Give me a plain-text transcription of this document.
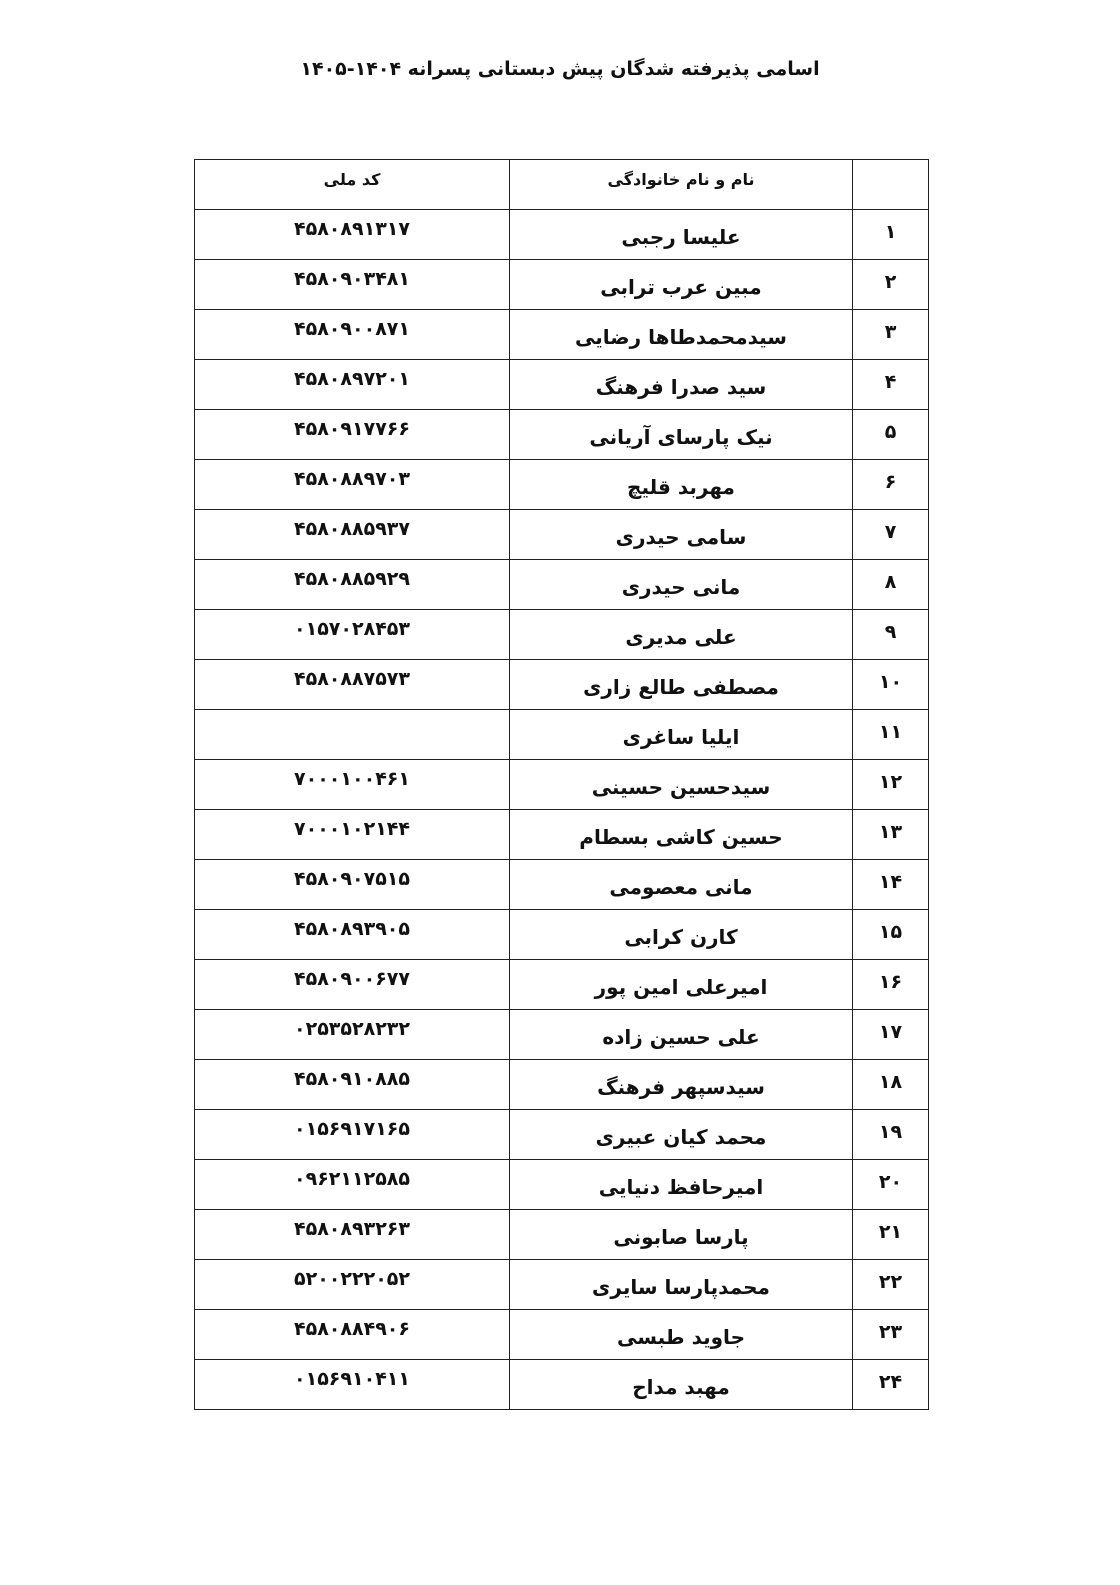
اسامی پذیرفته شدگان پیش دبستانی پسرانه ۱۴۰۴-۱۴۰۵
	نام و نام خانوادگی	کد ملی
۱	علیسا رجبی	۴۵۸۰۸۹۱۳۱۷
۲	مبین عرب ترابی	۴۵۸۰۹۰۳۴۸۱
۳	سیدمحمدطاها رضایی	۴۵۸۰۹۰۰۸۷۱
۴	سید صدرا فرهنگ	۴۵۸۰۸۹۷۲۰۱
۵	نیک پارسای آریانی	۴۵۸۰۹۱۷۷۶۶
۶	مهربد قلیچ	۴۵۸۰۸۸۹۷۰۳
۷	سامی حیدری	۴۵۸۰۸۸۵۹۳۷
۸	مانی حیدری	۴۵۸۰۸۸۵۹۲۹
۹	علی مدیری	۰۱۵۷۰۲۸۴۵۳
۱۰	مصطفی طالع زاری	۴۵۸۰۸۸۷۵۷۳
۱۱	ایلیا ساغری	
۱۲	سیدحسین حسینی	۷۰۰۰۱۰۰۴۶۱
۱۳	حسین کاشی بسطام	۷۰۰۰۱۰۲۱۴۴
۱۴	مانی معصومی	۴۵۸۰۹۰۷۵۱۵
۱۵	کارن کرابی	۴۵۸۰۸۹۳۹۰۵
۱۶	امیرعلی امین پور	۴۵۸۰۹۰۰۶۷۷
۱۷	علی حسین زاده	۰۲۵۳۵۲۸۲۳۲
۱۸	سیدسپهر فرهنگ	۴۵۸۰۹۱۰۸۸۵
۱۹	محمد کیان عبیری	۰۱۵۶۹۱۷۱۶۵
۲۰	امیرحافظ دنیایی	۰۹۶۲۱۱۲۵۸۵
۲۱	پارسا صابونی	۴۵۸۰۸۹۳۲۶۳
۲۲	محمدپارسا سایری	۵۲۰۰۲۲۲۰۵۲
۲۳	جاوید طبسی	۴۵۸۰۸۸۴۹۰۶
۲۴	مهبد مداح	۰۱۵۶۹۱۰۴۱۱
